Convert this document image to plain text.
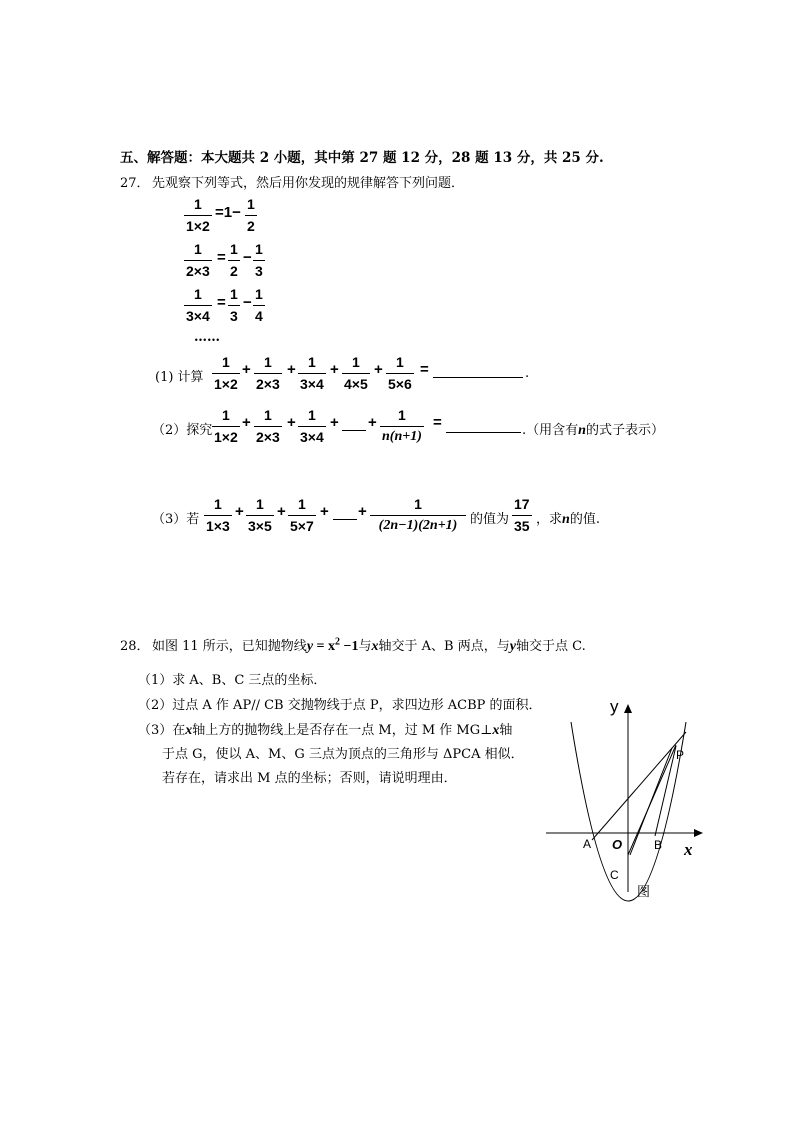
五、解答题：本大题共 2 小题，其中第 27 题 12 分，28 题 13 分，共 25 分.
27． 先观察下列等式，然后用你发现的规律解答下列问题．
1
1×2
=1− 1
2
1
2×3
= 1
2
− 1
3
1
3×4
= 1
3
− 1
4
……
(1) 计算
1
1×2
+ 1
2×3
+ 1
3×4
+ 1
4×5
+ 1
5×6
=	.
（2）探究
1
1×2
+ 1
2×3
+ 1
3×4
+ + 1
n(n+1)
=	.（用含有n的式子表示）
（3）若
1
1×3
+ 1
3×5
+ 1
5×7
+ +	1
(2n−1)(2n+1) 的值为
17
35 ，求n的值.
28． 如图 11 所示，已知抛物线$y = x^2 -1$与x轴交于 A、B 两点，与y轴交于点 C.
（1）求 A、B、C 三点的坐标．
（2）过点 A 作 AP// CB 交抛物线于点 P，求四边形 ACBP 的面积．
（3）在x轴上方的抛物线上是否存在一点 M，过 M 作 MG⊥x轴
于点 G，使以 A、M、G 三点为顶点的三角形与 ΔPCA 相似．
若存在，请求出 M 点的坐标；否则，请说明理由．
y
x
O
A	B
C
P
图
